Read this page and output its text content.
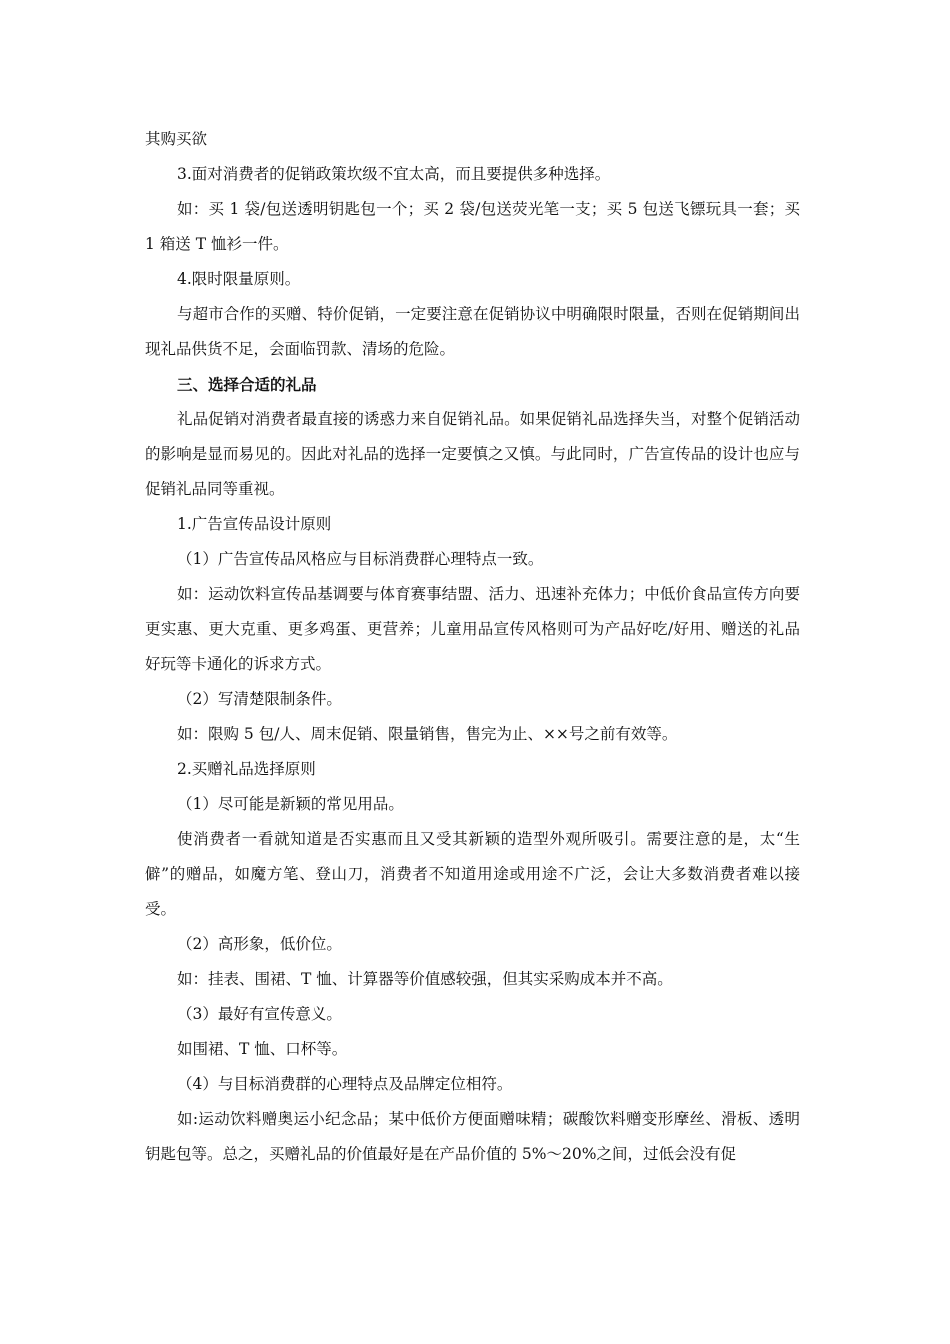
其购买欲

3.面对消费者的促销政策坎级不宜太高，而且要提供多种选择。

如：买 1 袋/包送透明钥匙包一个；买 2 袋/包送荧光笔一支；买 5 包送飞镖玩具一套；买 1 箱送 T 恤衫一件。

4.限时限量原则。

与超市合作的买赠、特价促销，一定要注意在促销协议中明确限时限量，否则在促销期间出现礼品供货不足，会面临罚款、清场的危险。

三、选择合适的礼品

礼品促销对消费者最直接的诱惑力来自促销礼品。如果促销礼品选择失当，对整个促销活动的影响是显而易见的。因此对礼品的选择一定要慎之又慎。与此同时，广告宣传品的设计也应与促销礼品同等重视。

1.广告宣传品设计原则

（1）广告宣传品风格应与目标消费群心理特点一致。

如：运动饮料宣传品基调要与体育赛事结盟、活力、迅速补充体力；中低价食品宣传方向要更实惠、更大克重、更多鸡蛋、更营养；儿童用品宣传风格则可为产品好吃/好用、赠送的礼品好玩等卡通化的诉求方式。

（2）写清楚限制条件。

如：限购 5 包/人、周末促销、限量销售，售完为止、××号之前有效等。

2.买赠礼品选择原则

（1）尽可能是新颖的常见用品。

使消费者一看就知道是否实惠而且又受其新颖的造型外观所吸引。需要注意的是，太“生僻”的赠品，如魔方笔、登山刀，消费者不知道用途或用途不广泛，会让大多数消费者难以接受。

（2）高形象，低价位。

如：挂表、围裙、T 恤、计算器等价值感较强，但其实采购成本并不高。

（3）最好有宣传意义。

如围裙、T 恤、口杯等。

（4）与目标消费群的心理特点及品牌定位相符。

如:运动饮料赠奥运小纪念品；某中低价方便面赠味精；碳酸饮料赠变形摩丝、滑板、透明钥匙包等。总之，买赠礼品的价值最好是在产品价值的 5%～20%之间，过低会没有促
